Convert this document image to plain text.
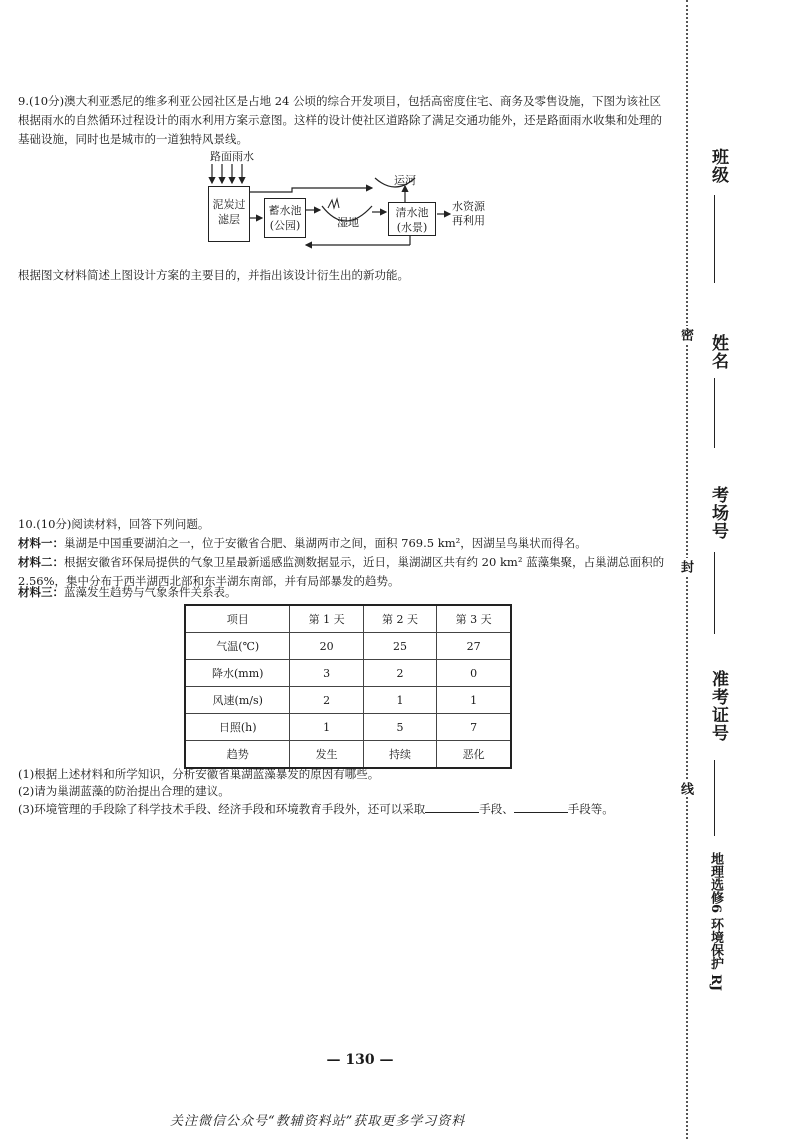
9.(10分)澳大利亚悉尼的维多利亚公园社区是占地 24 公顷的综合开发项目，包括高密度住宅、商务及零售设施，下图为该社区根据雨水的自然循环过程设计的雨水利用方案示意图。这样的设计使社区道路除了满足交通功能外，还是路面雨水收集和处理的基础设施，同时也是城市的一道独特风景线。
路面雨水
泥炭过
滤层
蓄水池
(公园)	湿地
运河
清水池
(水景)
水资源
再利用
根据图文材料简述上图设计方案的主要目的，并指出该设计衍生出的新功能。
10.(10分)阅读材料，回答下列问题。
材料一：巢湖是中国重要湖泊之一，位于安徽省合肥、巢湖两市之间，面积 769.5 km²，因湖呈鸟巢状而得名。
材料二：根据安徽省环保局提供的气象卫星最新遥感监测数据显示，近日，巢湖湖区共有约 20 km² 蓝藻集聚，占巢湖总面积的 2.56%，集中分布于西半湖西北部和东半湖东南部，并有局部暴发的趋势。
材料三：蓝藻发生趋势与气象条件关系表。
项目	第 1 天	第 2 天	第 3 天
气温(℃)	20	25	27
降水(mm)	3	2	0
风速(m/s)	2	1	1
日照(h)	1	5	7
趋势	发生	持续	恶化
(1)根据上述材料和所学知识，分析安徽省巢湖蓝藻暴发的原因有哪些。
(2)请为巢湖蓝藻的防治提出合理的建议。
(3)环境管理的手段除了科学技术手段、经济手段和环境教育手段外，还可以采取	手段、	手段等。
班级
姓名
考场号
准考证号
密
封
线
地理选修6 环境保护 RJ
— 130 —
关注微信公众号“教辅资料站”获取更多学习资料
